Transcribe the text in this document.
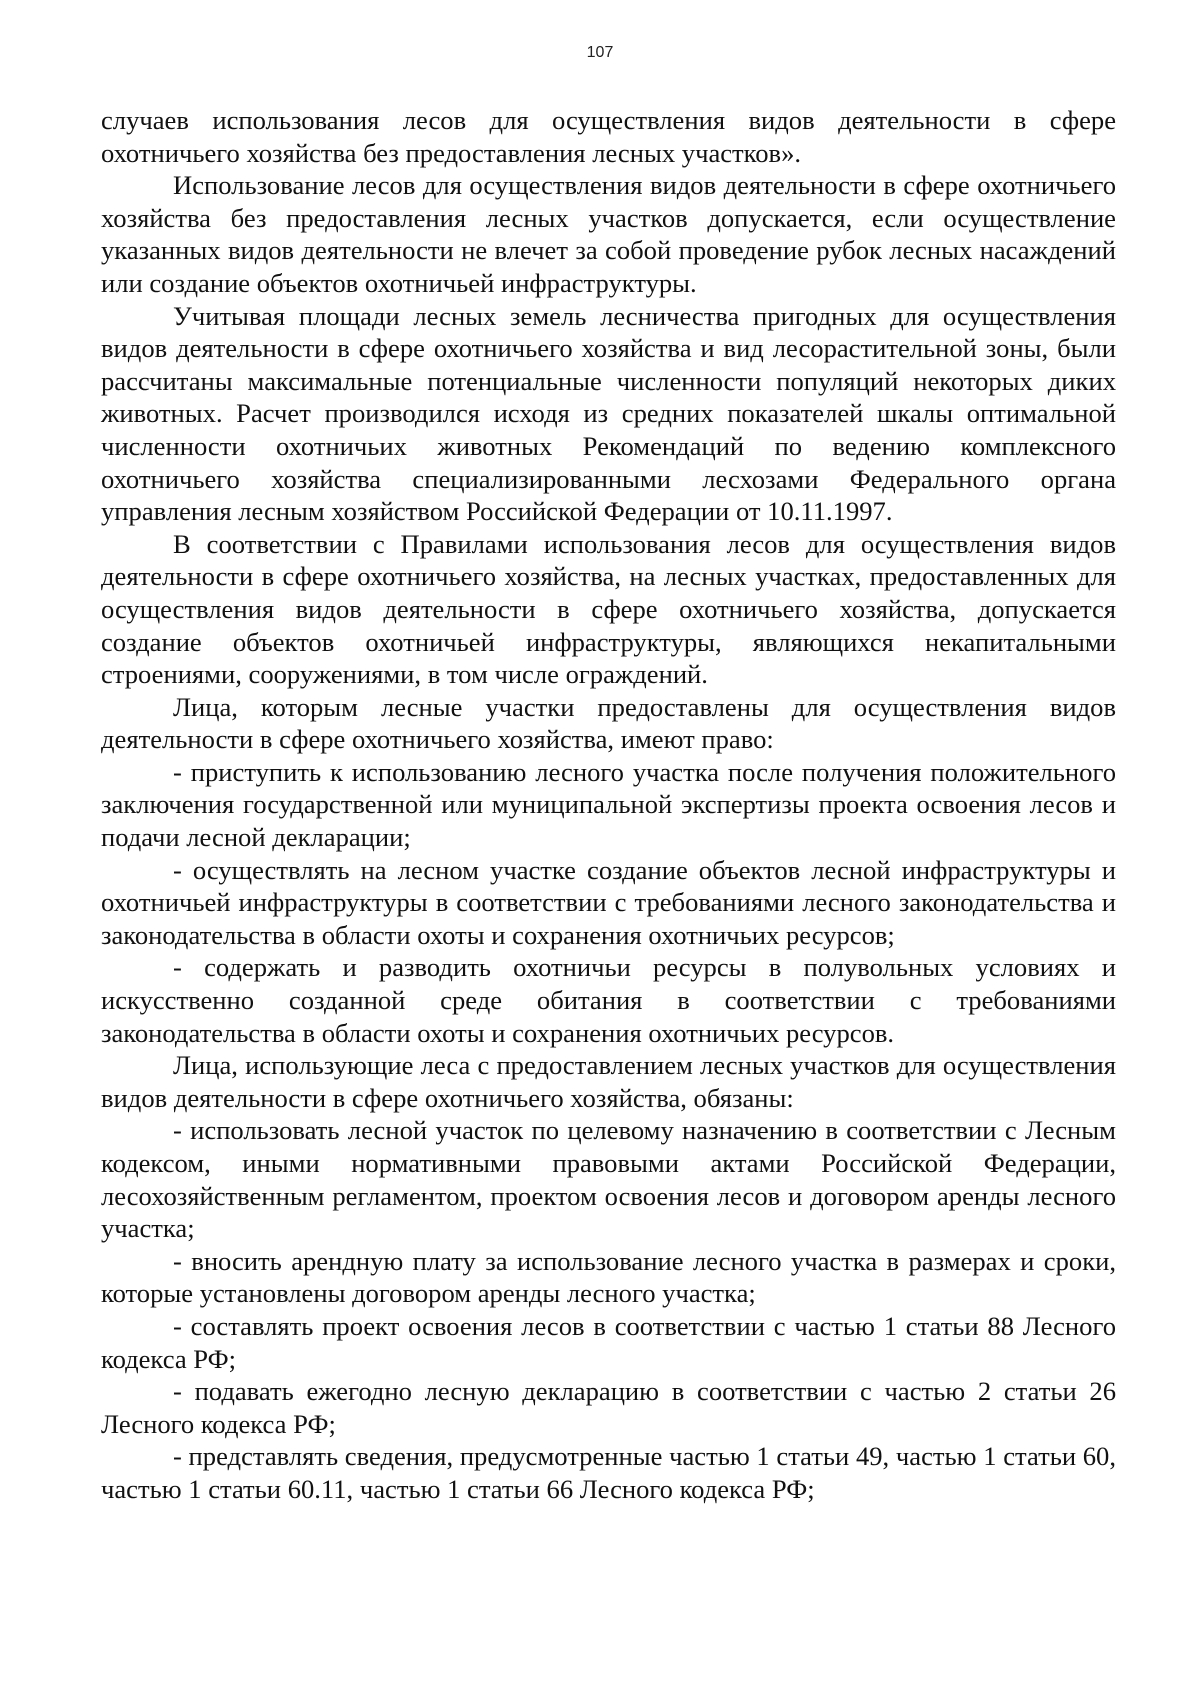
107

случаев использования лесов для осуществления видов деятельности в сфере охотничьего хозяйства без предоставления лесных участков».

Использование лесов для осуществления видов деятельности в сфере охотничьего хозяйства без предоставления лесных участков допускается, если осуществление указанных видов деятельности не влечет за собой проведение рубок лесных насаждений или создание объектов охотничьей инфраструктуры.

Учитывая площади лесных земель лесничества пригодных для осуществления видов деятельности в сфере охотничьего хозяйства и вид лесорастительной зоны, были рассчитаны максимальные потенциальные численности популяций некоторых диких животных. Расчет производился исходя из средних показателей шкалы оптимальной численности охотничьих животных Рекомендаций по ведению комплексного охотничьего хозяйства специализированными лесхозами Федерального органа управления лесным хозяйством Российской Федерации от 10.11.1997.

В соответствии с Правилами использования лесов для осуществления видов деятельности в сфере охотничьего хозяйства, на лесных участках, предоставленных для осуществления видов деятельности в сфере охотничьего хозяйства, допускается создание объектов охотничьей инфраструктуры, являющихся некапитальными строениями, сооружениями, в том числе ограждений.

Лица, которым лесные участки предоставлены для осуществления видов деятельности в сфере охотничьего хозяйства, имеют право:

- приступить к использованию лесного участка после получения положительного заключения государственной или муниципальной экспертизы проекта освоения лесов и подачи лесной декларации;

- осуществлять на лесном участке создание объектов лесной инфраструктуры и охотничьей инфраструктуры в соответствии с требованиями лесного законодательства и законодательства в области охоты и сохранения охотничьих ресурсов;

- содержать и разводить охотничьи ресурсы в полувольных условиях и искусственно созданной среде обитания в соответствии с требованиями законодательства в области охоты и сохранения охотничьих ресурсов.

Лица, использующие леса с предоставлением лесных участков для осуществления видов деятельности в сфере охотничьего хозяйства, обязаны:

- использовать лесной участок по целевому назначению в соответствии с Лесным кодексом, иными нормативными правовыми актами Российской Федерации, лесохозяйственным регламентом, проектом освоения лесов и договором аренды лесного участка;

- вносить арендную плату за использование лесного участка в размерах и сроки, которые установлены договором аренды лесного участка;

- составлять проект освоения лесов в соответствии с частью 1 статьи 88 Лесного кодекса РФ;

- подавать ежегодно лесную декларацию в соответствии с частью 2 статьи 26 Лесного кодекса РФ;

- представлять сведения, предусмотренные частью 1 статьи 49, частью 1 статьи 60, частью 1 статьи 60.11, частью 1 статьи 66 Лесного кодекса РФ;
